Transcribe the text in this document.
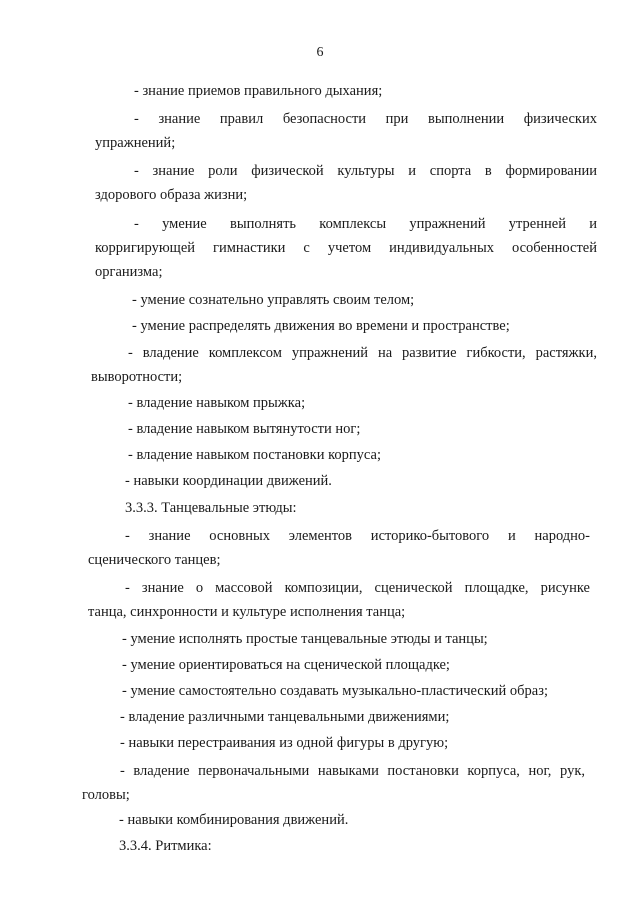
6
- знание приемов правильного дыхания;
- знание правил безопасности при выполнении физических
упражнений;
- знание роли физической культуры и спорта в формировании
здорового образа жизни;
- умение выполнять комплексы упражнений утренней и
корригирующей гимнастики с учетом индивидуальных особенностей
организма;
- умение сознательно управлять своим телом;
- умение распределять движения во времени и пространстве;
- владение комплексом упражнений на развитие гибкости, растяжки,
выворотности;
- владение навыком прыжка;
- владение навыком вытянутости ног;
- владение навыком постановки корпуса;
- навыки координации движений.
3.3.3. Танцевальные этюды:
- знание основных элементов историко-бытового и народно-
сценического танцев;
- знание о массовой композиции, сценической площадке, рисунке
танца, синхронности и культуре исполнения танца;
- умение исполнять простые танцевальные этюды и танцы;
- умение ориентироваться на сценической площадке;
- умение самостоятельно создавать музыкально-пластический образ;
- владение различными танцевальными движениями;
- навыки перестраивания из одной фигуры в другую;
- владение первоначальными навыками постановки корпуса, ног, рук,
головы;
- навыки комбинирования движений.
3.3.4. Ритмика:
